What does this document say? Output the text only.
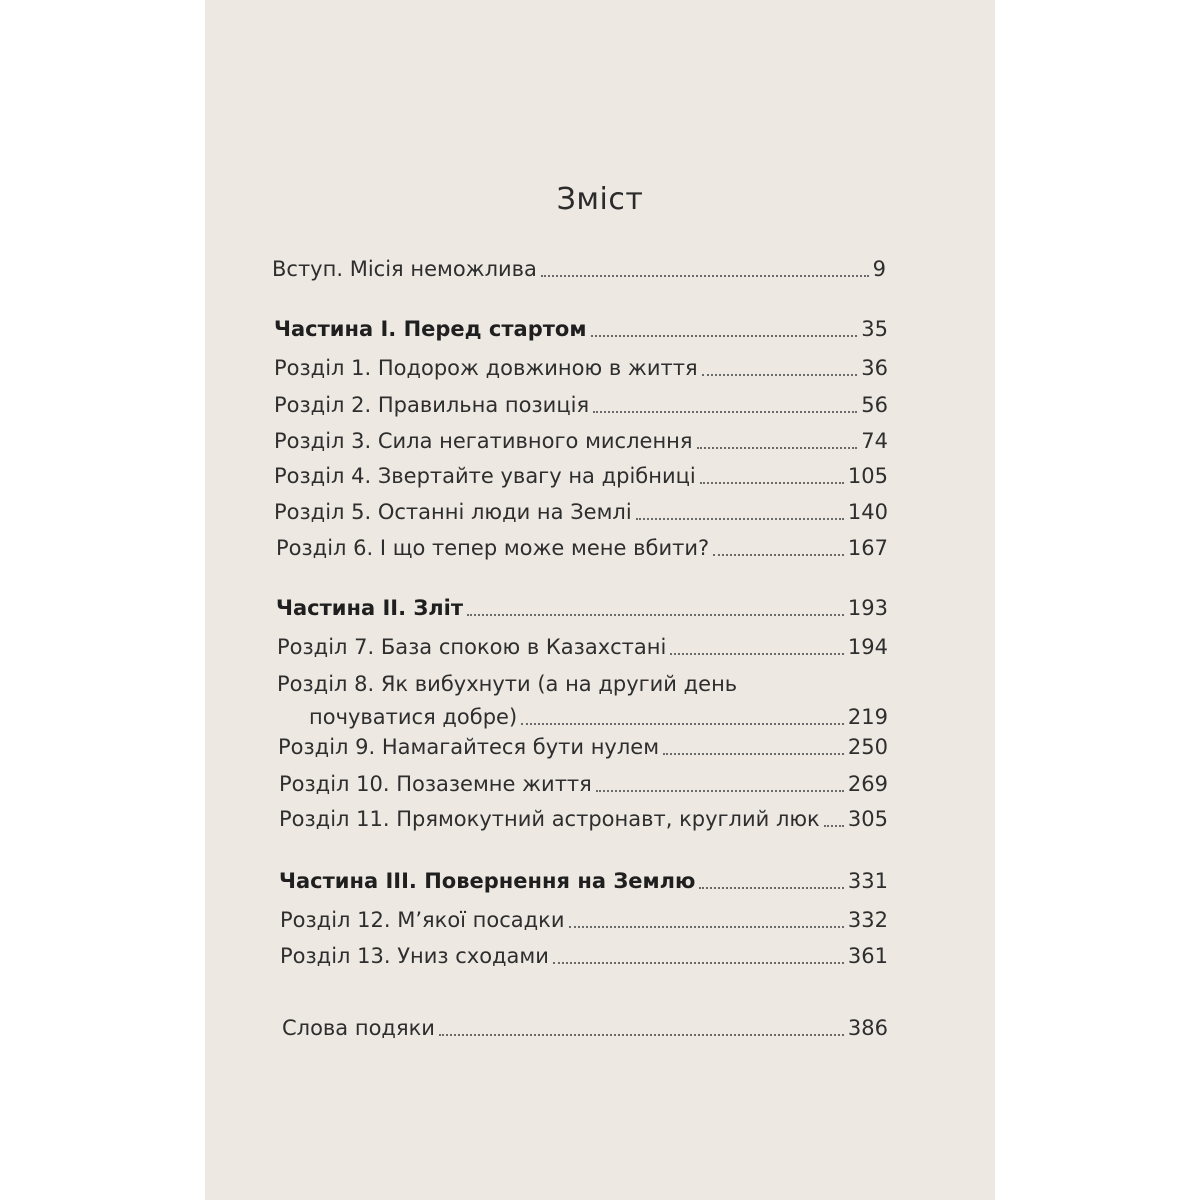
Зміст
Вступ. Місія неможлива	9
Частина І. Перед стартом	35
Розділ 1. Подорож довжиною в життя	36
Розділ 2. Правильна позиція	56
Розділ 3. Сила негативного мислення	74
Розділ 4. Звертайте увагу на дрібниці	105
Розділ 5. Останні люди на Землі	140
Розділ 6. І що тепер може мене вбити?	167
Частина ІІ. Зліт	193
Розділ 7. База спокою в Казахстані	194
Розділ 8. Як вибухнути (а на другий день
почуватися добре)	219
Розділ 9. Намагайтеся бути нулем	250
Розділ 10. Позаземне життя	269
Розділ 11. Прямокутний астронавт, круглий люк 305
Частина ІІІ. Повернення на Землю	331
Розділ 12. М’якої посадки	332
Розділ 13. Униз сходами	361
Слова подяки	386
